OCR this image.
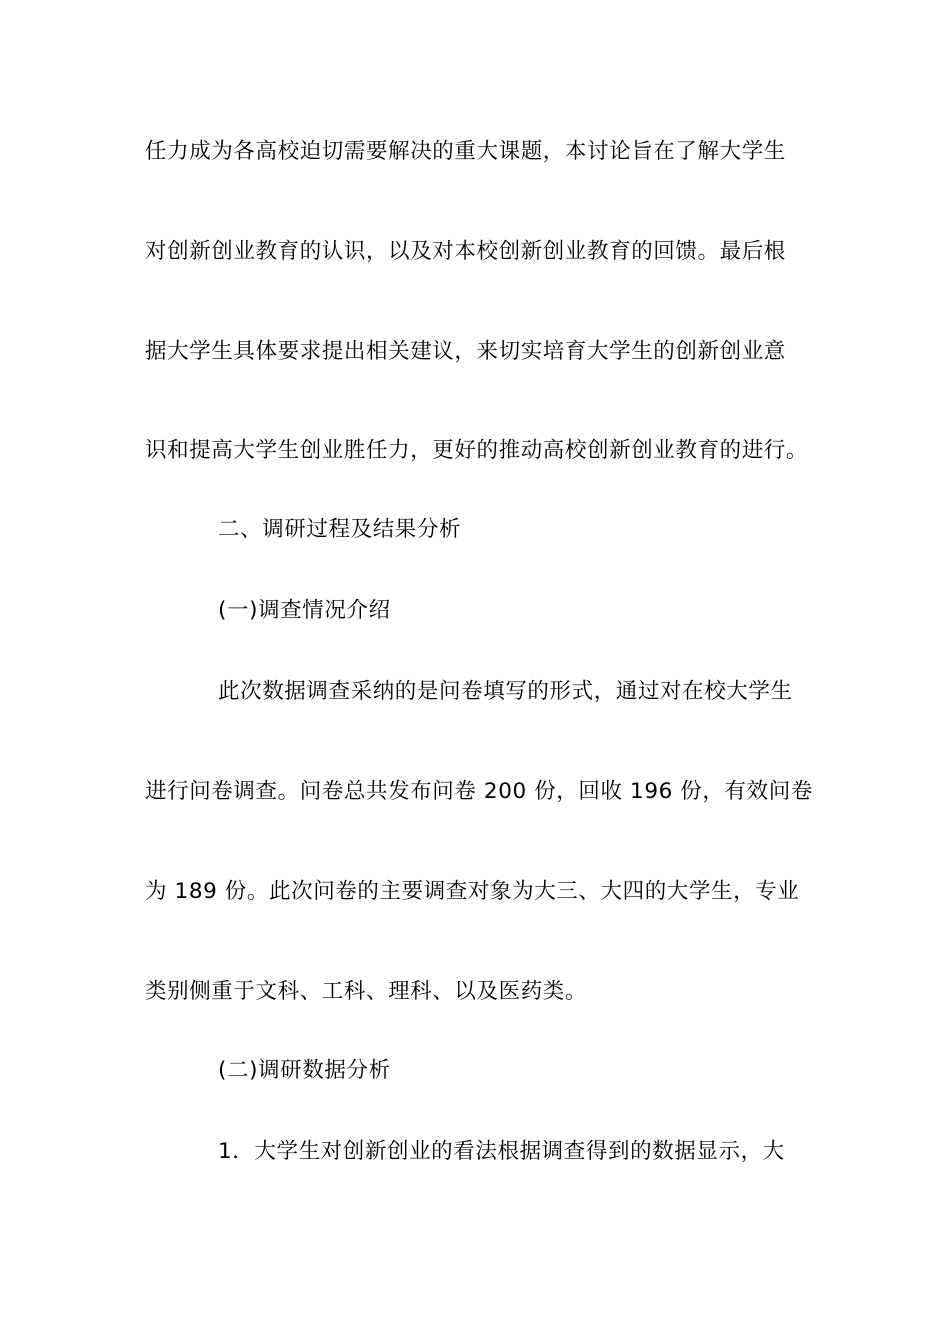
任力成为各高校迫切需要解决的重大课题，本讨论旨在了解大学生
对创新创业教育的认识，以及对本校创新创业教育的回馈。最后根
据大学生具体要求提出相关建议，来切实培育大学生的创新创业意
识和提高大学生创业胜任力，更好的推动高校创新创业教育的进行。
二、调研过程及结果分析
(一)调查情况介绍
此次数据调查采纳的是问卷填写的形式，通过对在校大学生
进行问卷调查。问卷总共发布问卷 200 份，回收 196 份，有效问卷
为 189 份。此次问卷的主要调查对象为大三、大四的大学生，专业
类别侧重于文科、工科、理科、以及医药类。
(二)调研数据分析
1．大学生对创新创业的看法根据调查得到的数据显示，大
